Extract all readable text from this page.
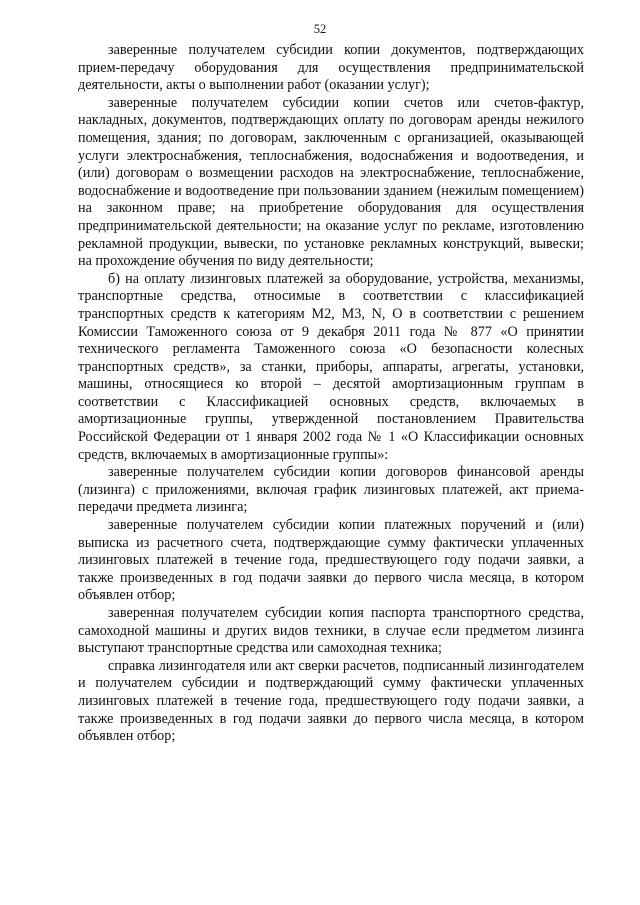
52

заверенные получателем субсидии копии документов, подтверждающих прием-передачу оборудования для осуществления предпринимательской деятельности, акты о выполнении работ (оказании услуг);

заверенные получателем субсидии копии счетов или счетов-фактур, накладных, документов, подтверждающих оплату по договорам аренды нежилого помещения, здания; по договорам, заключенным с организацией, оказывающей услуги электроснабжения, теплоснабжения, водоснабжения и водоотведения, и (или) договорам о возмещении расходов на электроснабжение, теплоснабжение, водоснабжение и водоотведение при пользовании зданием (нежилым помещением) на законном праве; на приобретение оборудования для осуществления предпринимательской деятельности; на оказание услуг по рекламе, изготовлению рекламной продукции, вывески, по установке рекламных конструкций, вывески; на прохождение обучения по виду деятельности;

б) на оплату лизинговых платежей за оборудование, устройства, механизмы, транспортные средства, относимые в соответствии с классификацией транспортных средств к категориям М2, М3, N, О в соответствии с решением Комиссии Таможенного союза от 9 декабря 2011 года № 877 «О принятии технического регламента Таможенного союза «О безопасности колесных транспортных средств», за станки, приборы, аппараты, агрегаты, установки, машины, относящиеся ко второй – десятой амортизационным группам в соответствии с Классификацией основных средств, включаемых в амортизационные группы, утвержденной постановлением Правительства Российской Федерации от 1 января 2002 года № 1 «О Классификации основных средств, включаемых в амортизационные группы»:

заверенные получателем субсидии копии договоров финансовой аренды (лизинга) с приложениями, включая график лизинговых платежей, акт приема-передачи предмета лизинга;

заверенные получателем субсидии копии платежных поручений и (или) выписка из расчетного счета, подтверждающие сумму фактически уплаченных лизинговых платежей в течение года, предшествующего году подачи заявки, а также произведенных в год подачи заявки до первого числа месяца, в котором объявлен отбор;

заверенная получателем субсидии копия паспорта транспортного средства, самоходной машины и других видов техники, в случае если предметом лизинга выступают транспортные средства или самоходная техника;

справка лизингодателя или акт сверки расчетов, подписанный лизингодателем и получателем субсидии и подтверждающий сумму фактически уплаченных лизинговых платежей в течение года, предшествующего году подачи заявки, а также произведенных в год подачи заявки до первого числа месяца, в котором объявлен отбор;
